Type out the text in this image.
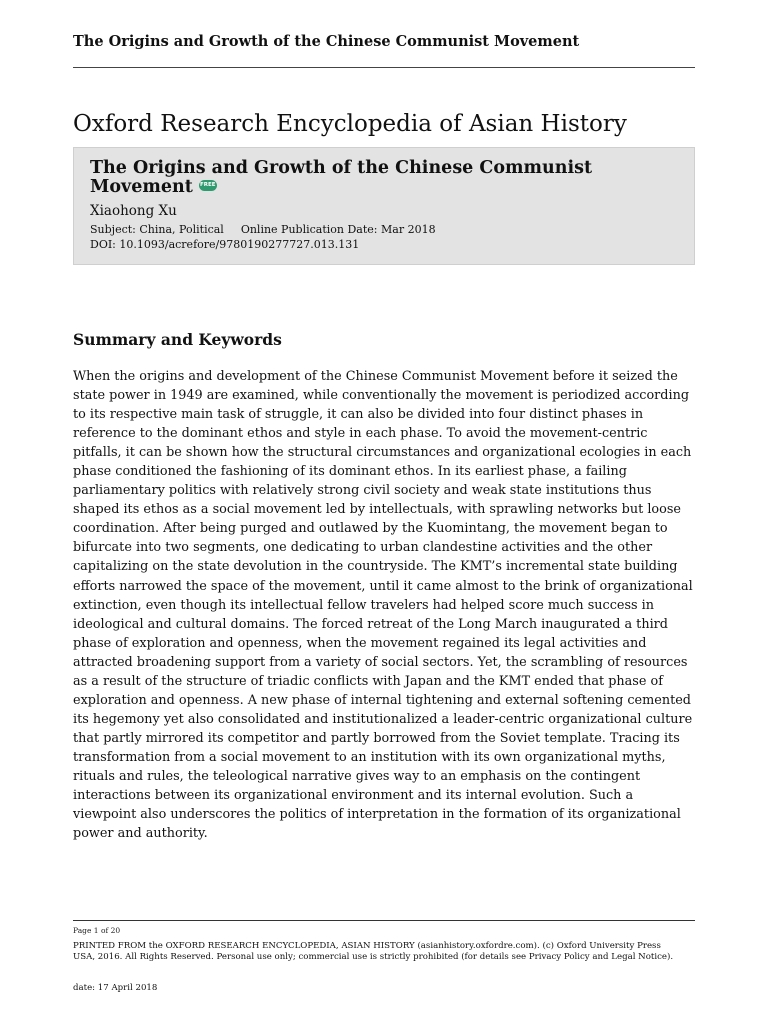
The Origins and Growth of the Chinese Communist Movement
Oxford Research Encyclopedia of Asian History
The Origins and Growth of the Chinese Communist Movement FREE
Xiaohong Xu
Subject: China, Political Online Publication Date: Mar 2018
DOI: 10.1093/acrefore/9780190277727.013.131
Summary and Keywords

When the origins and development of the Chinese Communist Movement before it seized the state power in 1949 are examined, while conventionally the movement is periodized according to its respective main task of struggle, it can also be divided into four distinct phases in reference to the dominant ethos and style in each phase. To avoid the movement-centric pitfalls, it can be shown how the structural circumstances and organizational ecologies in each phase conditioned the fashioning of its dominant ethos. In its earliest phase, a failing parliamentary politics with relatively strong civil society and weak state institutions thus shaped its ethos as a social movement led by intellectuals, with sprawling networks but loose coordination. After being purged and outlawed by the Kuomintang, the movement began to bifurcate into two segments, one dedicating to urban clandestine activities and the other capitalizing on the state devolution in the countryside. The KMT’s incremental state building efforts narrowed the space of the movement, until it came almost to the brink of organizational extinction, even though its intellectual fellow travelers had helped score much success in ideological and cultural domains. The forced retreat of the Long March inaugurated a third phase of exploration and openness, when the movement regained its legal activities and attracted broadening support from a variety of social sectors. Yet, the scrambling of resources as a result of the structure of triadic conflicts with Japan and the KMT ended that phase of exploration and openness. A new phase of internal tightening and external softening cemented its hegemony yet also consolidated and institutionalized a leader-centric organizational culture that partly mirrored its competitor and partly borrowed from the Soviet template. Tracing its transformation from a social movement to an institution with its own organizational myths, rituals and rules, the teleological narrative gives way to an emphasis on the contingent interactions between its organizational environment and its internal evolution. Such a viewpoint also underscores the politics of interpretation in the formation of its organizational power and authority.

Page 1 of 20

PRINTED FROM the OXFORD RESEARCH ENCYCLOPEDIA, ASIAN HISTORY (asianhistory.oxfordre.com). (c) Oxford University Press USA, 2016. All Rights Reserved. Personal use only; commercial use is strictly prohibited (for details see Privacy Policy and Legal Notice).

date: 17 April 2018
